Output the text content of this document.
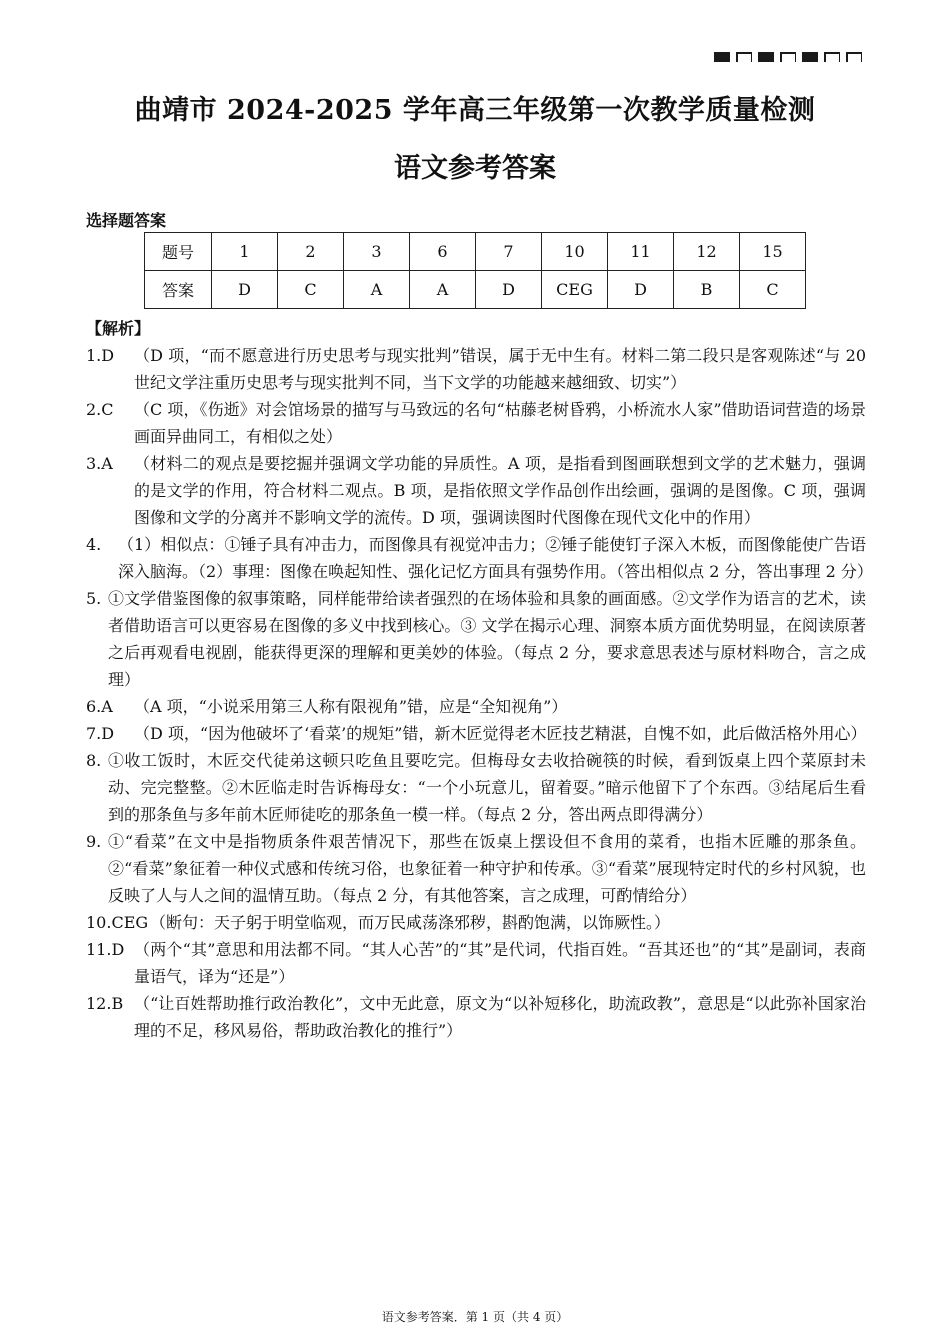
曲靖市 2024-2025 学年高三年级第一次教学质量检测
语文参考答案
选择题答案
题号	1	2	3	6	7	10	11	12	15
答案	D	C	A	A	D	CEG	D	B	C
【解析】
1.D	（D 项，“而不愿意进行历史思考与现实批判”错误，属于无中生有。材料二第二段只是客观陈述“与 20 世纪文学注重历史思考与现实批判不同，当下文学的功能越来越细致、切实”）
2.C	（C 项，《伤逝》对会馆场景的描写与马致远的名句“枯藤老树昏鸦，小桥流水人家”借助语词营造的场景画面异曲同工，有相似之处）
3.A	（材料二的观点是要挖掘并强调文学功能的异质性。A 项，是指看到图画联想到文学的艺术魅力，强调的是文学的作用，符合材料二观点。B 项，是指依照文学作品创作出绘画，强调的是图像。C 项，强调图像和文学的分离并不影响文学的流传。D 项，强调读图时代图像在现代文化中的作用）
4.	（1）相似点：①锤子具有冲击力，而图像具有视觉冲击力；②锤子能使钉子深入木板，而图像能使广告语深入脑海。（2）事理：图像在唤起知性、强化记忆方面具有强势作用。（答出相似点 2 分，答出事理 2 分）
5. ①文学借鉴图像的叙事策略，同样能带给读者强烈的在场体验和具象的画面感。②文学作为语言的艺术，读者借助语言可以更容易在图像的多义中找到核心。③ 文学在揭示心理、洞察本质方面优势明显，在阅读原著之后再观看电视剧，能获得更深的理解和更美妙的体验。（每点 2 分，要求意思表述与原材料吻合，言之成理）
6.A	（A 项，“小说采用第三人称有限视角”错，应是“全知视角”）
7.D	（D 项，“因为他破坏了‘看菜’的规矩”错，新木匠觉得老木匠技艺精湛，自愧不如，此后做活格外用心）
8. ①收工饭时，木匠交代徒弟这顿只吃鱼且要吃完。但梅母女去收拾碗筷的时候，看到饭桌上四个菜原封未动、完完整整。②木匠临走时告诉梅母女：“一个小玩意儿，留着耍。”暗示他留下了个东西。③结尾后生看到的那条鱼与多年前木匠师徒吃的那条鱼一模一样。（每点 2 分，答出两点即得满分）
9. ①“看菜”在文中是指物质条件艰苦情况下，那些在饭桌上摆设但不食用的菜肴，也指木匠雕的那条鱼。②“看菜”象征着一种仪式感和传统习俗，也象征着一种守护和传承。③“看菜”展现特定时代的乡村风貌，也反映了人与人之间的温情互助。（每点 2 分，有其他答案，言之成理，可酌情给分）
10.CEG （断句：天子躬于明堂临观，而万民咸荡涤邪秽，斟酌饱满，以饰厥性。）
11.D （两个“其”意思和用法都不同。“其人心苦”的“其”是代词，代指百姓。“吾其还也”的“其”是副词，表商量语气，译为“还是”）
12.B （“让百姓帮助推行政治教化”，文中无此意，原文为“以补短移化，助流政教”，意思是“以此弥补国家治理的不足，移风易俗，帮助政治教化的推行”）
语文参考答案．第 1 页（共 4 页）
